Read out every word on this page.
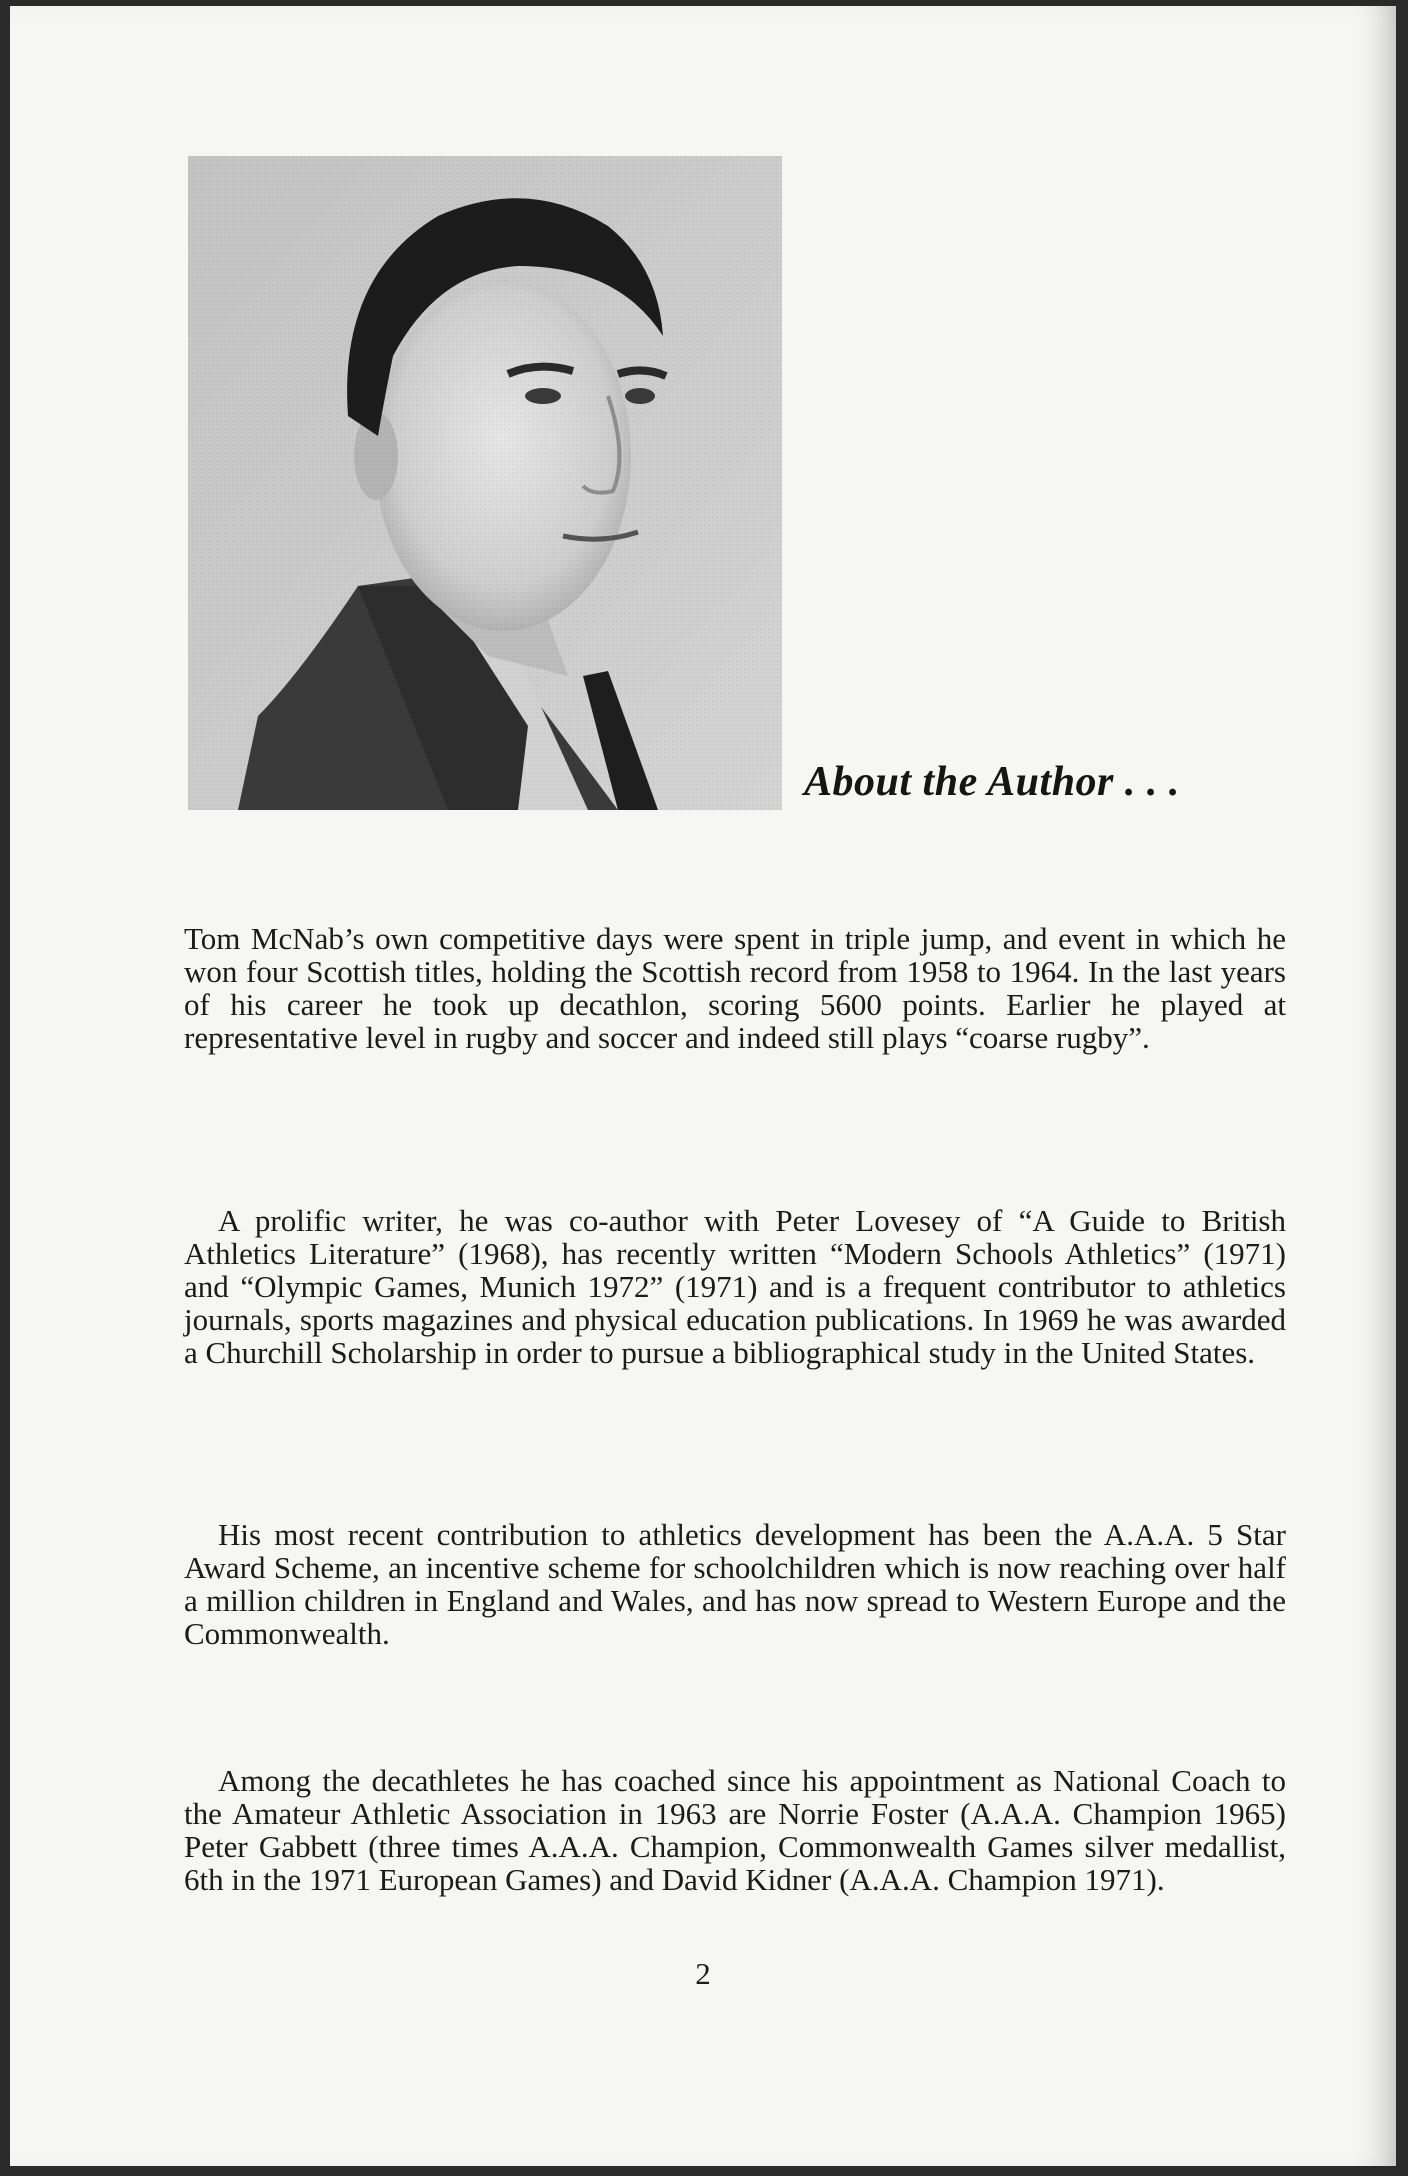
About the Author . . .

Tom McNab’s own competitive days were spent in triple jump, and event in which he won four Scottish titles, holding the Scottish record from 1958 to 1964. In the last years of his career he took up decathlon, scoring 5600 points. Earlier he played at representative level in rugby and soccer and indeed still plays “coarse rugby”.

A prolific writer, he was co-author with Peter Lovesey of “A Guide to British Athletics Literature” (1968), has recently written “Modern Schools Athletics” (1971) and “Olympic Games, Munich 1972” (1971) and is a frequent contributor to athletics journals, sports magazines and physical education publications. In 1969 he was awarded a Churchill Scholarship in order to pursue a bibliographical study in the United States.

His most recent contribution to athletics development has been the A.A.A. 5 Star Award Scheme, an incentive scheme for schoolchildren which is now reaching over half a million children in England and Wales, and has now spread to Western Europe and the Commonwealth.

Among the decathletes he has coached since his appointment as National Coach to the Amateur Athletic Association in 1963 are Norrie Foster (A.A.A. Champion 1965) Peter Gabbett (three times A.A.A. Champion, Commonwealth Games silver medallist, 6th in the 1971 European Games) and David Kidner (A.A.A. Champion 1971).

2
